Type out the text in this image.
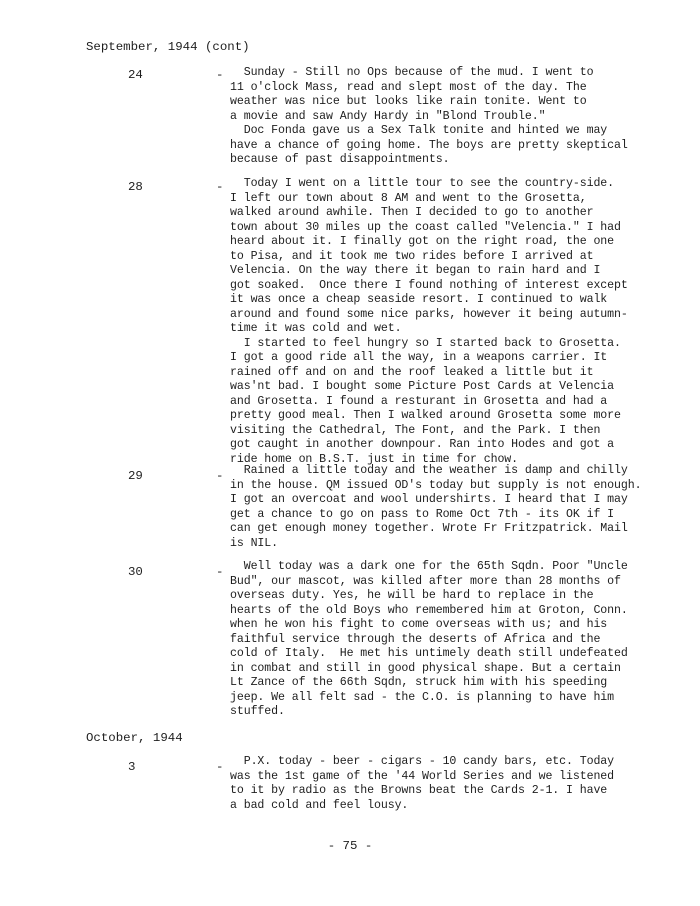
September, 1944 (cont)
24	-	Sunday - Still no Ops because of the mud. I went to
11 o'clock Mass, read and slept most of the day. The
weather was nice but looks like rain tonite. Went to
a movie and saw Andy Hardy in "Blond Trouble."
Doc Fonda gave us a Sex Talk tonite and hinted we may
have a chance of going home. The boys are pretty skeptical
because of past disappointments.
28	-	Today I went on a little tour to see the country-side.
I left our town about 8 AM and went to the Grosetta,
walked around awhile. Then I decided to go to another
town about 30 miles up the coast called "Velencia." I had
heard about it. I finally got on the right road, the one
to Pisa, and it took me two rides before I arrived at
Velencia. On the way there it began to rain hard and I
got soaked.  Once there I found nothing of interest except
it was once a cheap seaside resort. I continued to walk
around and found some nice parks, however it being autumn-
time it was cold and wet.
I started to feel hungry so I started back to Grosetta.
I got a good ride all the way, in a weapons carrier. It
rained off and on and the roof leaked a little but it
was'nt bad. I bought some Picture Post Cards at Velencia
and Grosetta. I found a resturant in Grosetta and had a
pretty good meal. Then I walked around Grosetta some more
visiting the Cathedral, The Font, and the Park. I then
got caught in another downpour. Ran into Hodes and got a
ride home on B.S.T. just in time for chow.
29	-	Rained a little today and the weather is damp and chilly
in the house. QM issued OD's today but supply is not enough.
I got an overcoat and wool undershirts. I heard that I may
get a chance to go on pass to Rome Oct 7th - its OK if I
can get enough money together. Wrote Fr Fritzpatrick. Mail
is NIL.
30	-	Well today was a dark one for the 65th Sqdn. Poor "Uncle
Bud", our mascot, was killed after more than 28 months of
overseas duty. Yes, he will be hard to replace in the
hearts of the old Boys who remembered him at Groton, Conn.
when he won his fight to come overseas with us; and his
faithful service through the deserts of Africa and the
cold of Italy.  He met his untimely death still undefeated
in combat and still in good physical shape. But a certain
Lt Zance of the 66th Sqdn, struck him with his speeding
jeep. We all felt sad - the C.O. is planning to have him
stuffed.
October, 1944
3	-	P.X. today - beer - cigars - 10 candy bars, etc. Today
was the 1st game of the '44 World Series and we listened
to it by radio as the Browns beat the Cards 2-1. I have
a bad cold and feel lousy.
- 75 -
